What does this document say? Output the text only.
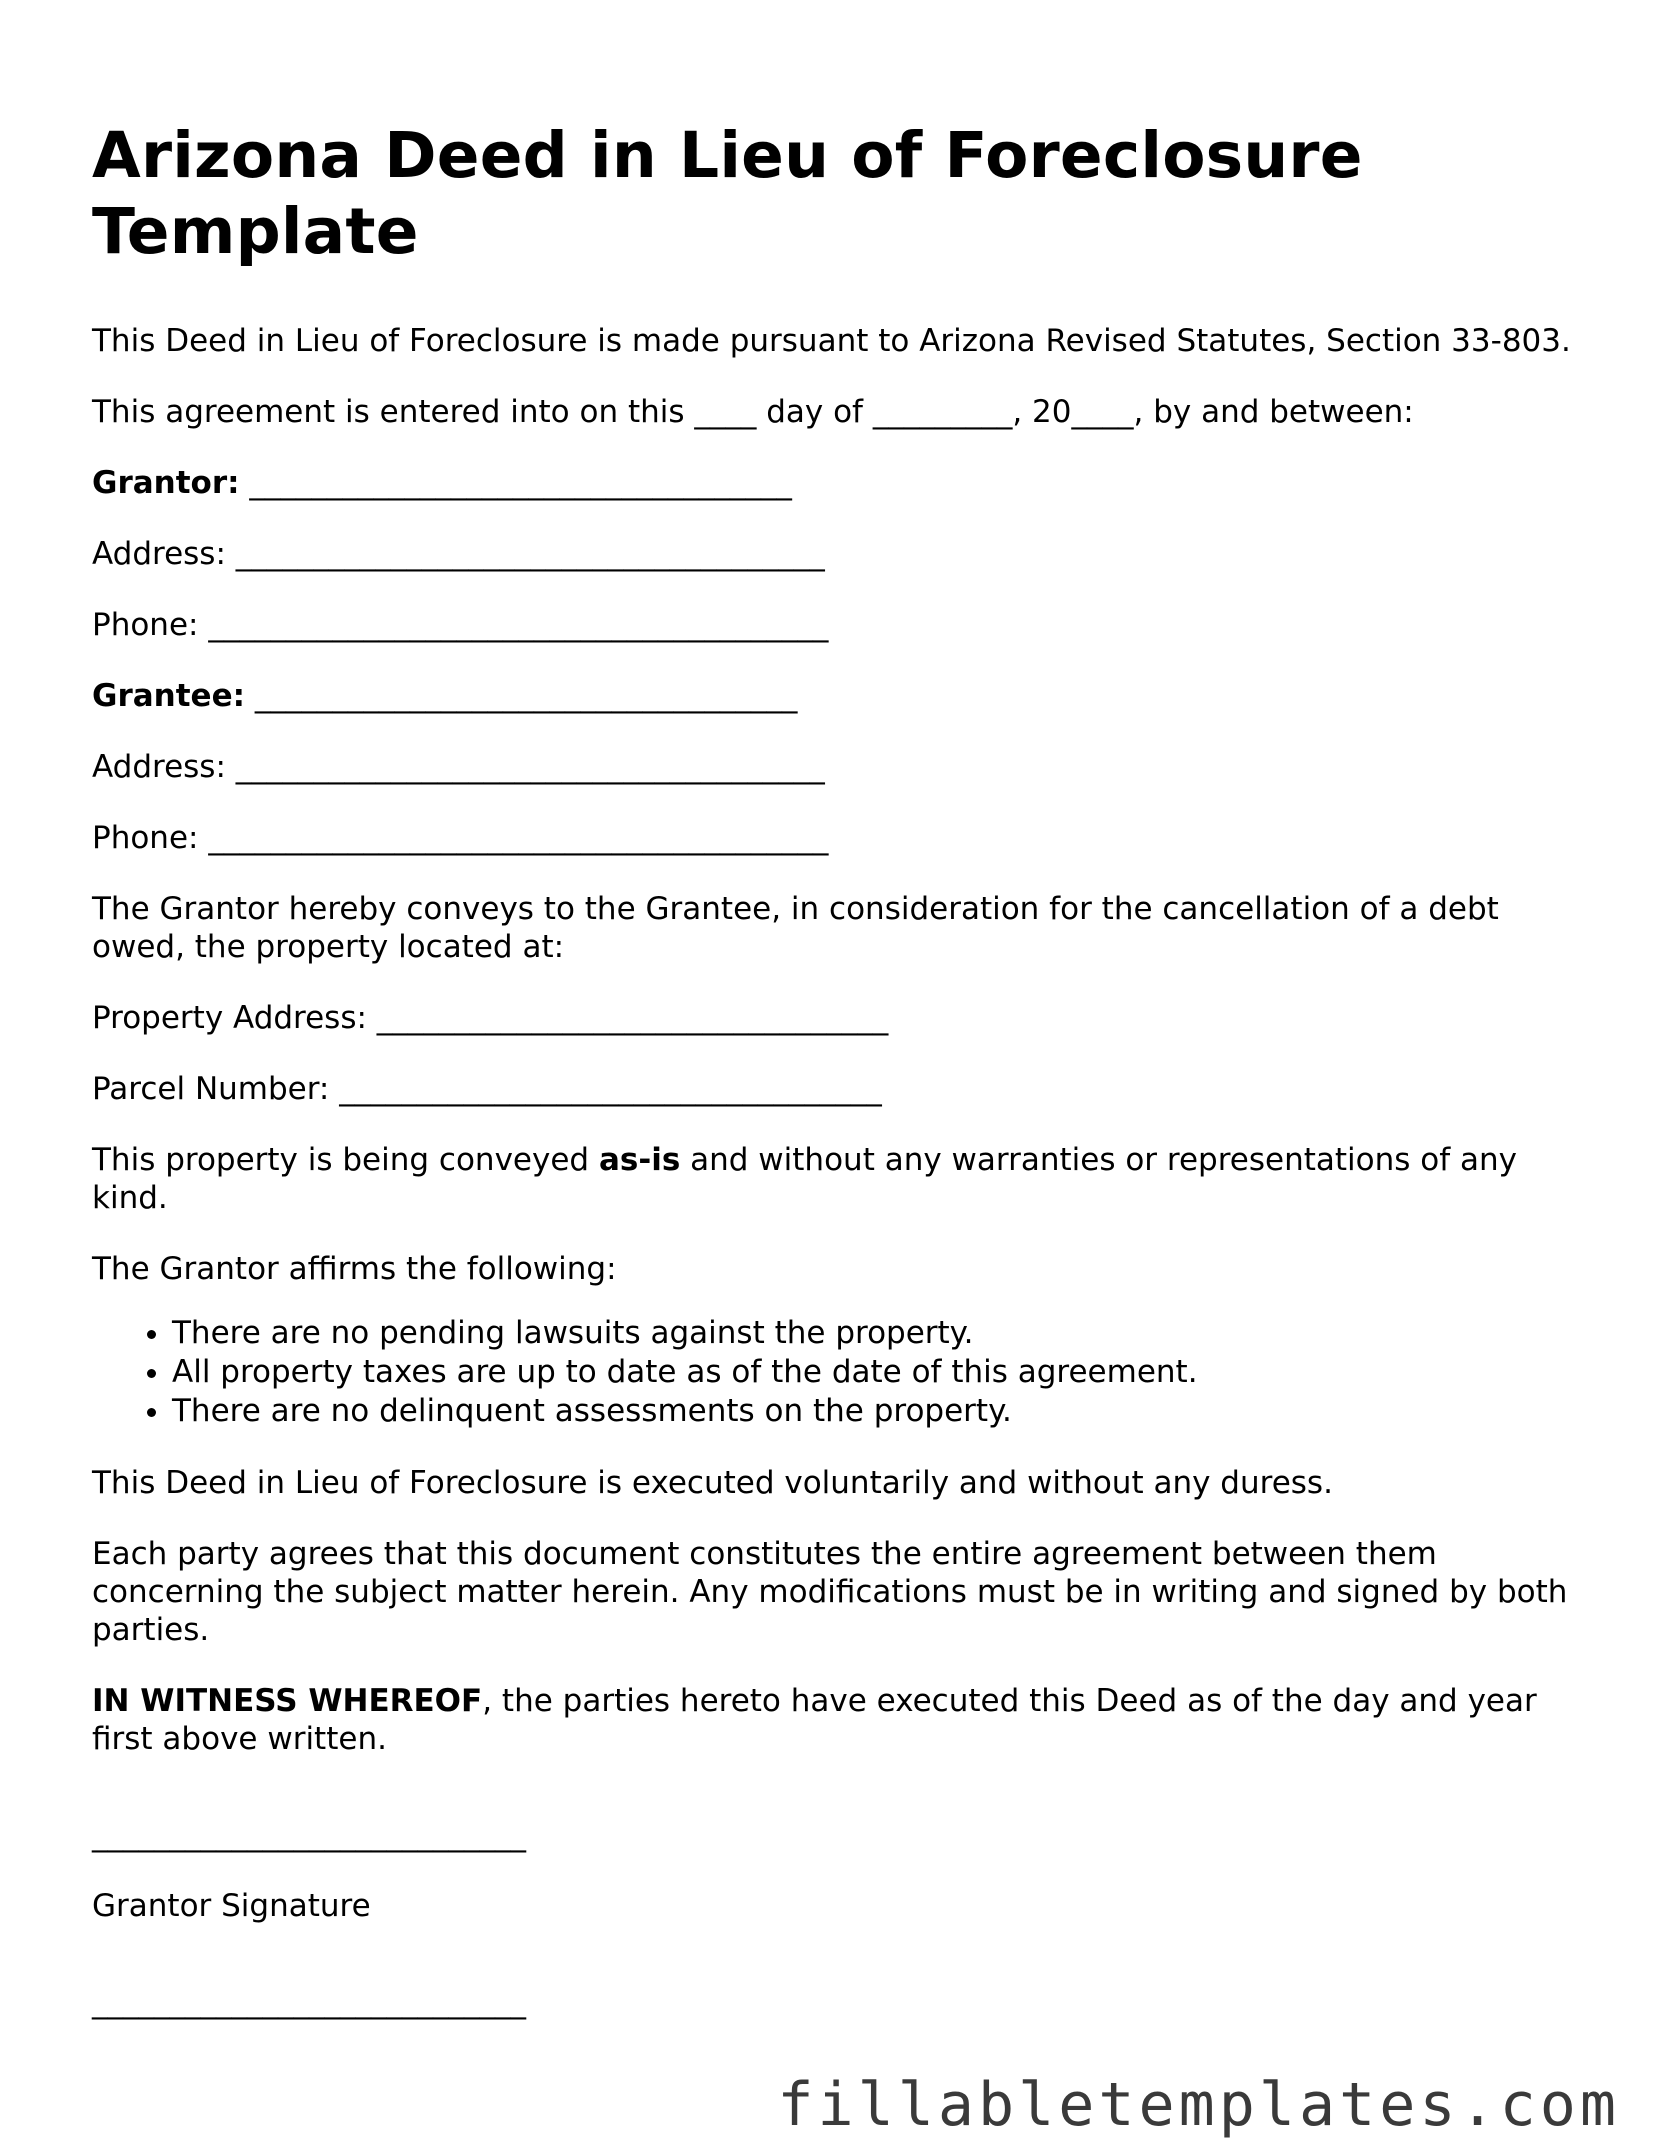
Arizona Deed in Lieu of Foreclosure Template

This Deed in Lieu of Foreclosure is made pursuant to Arizona Revised Statutes, Section 33-803.

This agreement is entered into on this ____ day of _________, 20____, by and between:

Grantor: ___________________________________

Address: ______________________________________

Phone: ________________________________________

Grantee: ___________________________________

Address: ______________________________________

Phone: ________________________________________

The Grantor hereby conveys to the Grantee, in consideration for the cancellation of a debt owed, the property located at:

Property Address: _________________________________

Parcel Number: ___________________________________

This property is being conveyed as-is and without any warranties or representations of any kind.

The Grantor affirms the following:

• There are no pending lawsuits against the property.
• All property taxes are up to date as of the date of this agreement.
• There are no delinquent assessments on the property.

This Deed in Lieu of Foreclosure is executed voluntarily and without any duress.

Each party agrees that this document constitutes the entire agreement between them concerning the subject matter herein. Any modifications must be in writing and signed by both parties.

IN WITNESS WHEREOF, the parties hereto have executed this Deed as of the day and year first above written.

____________________________

Grantor Signature

____________________________

fillabletemplates.com
